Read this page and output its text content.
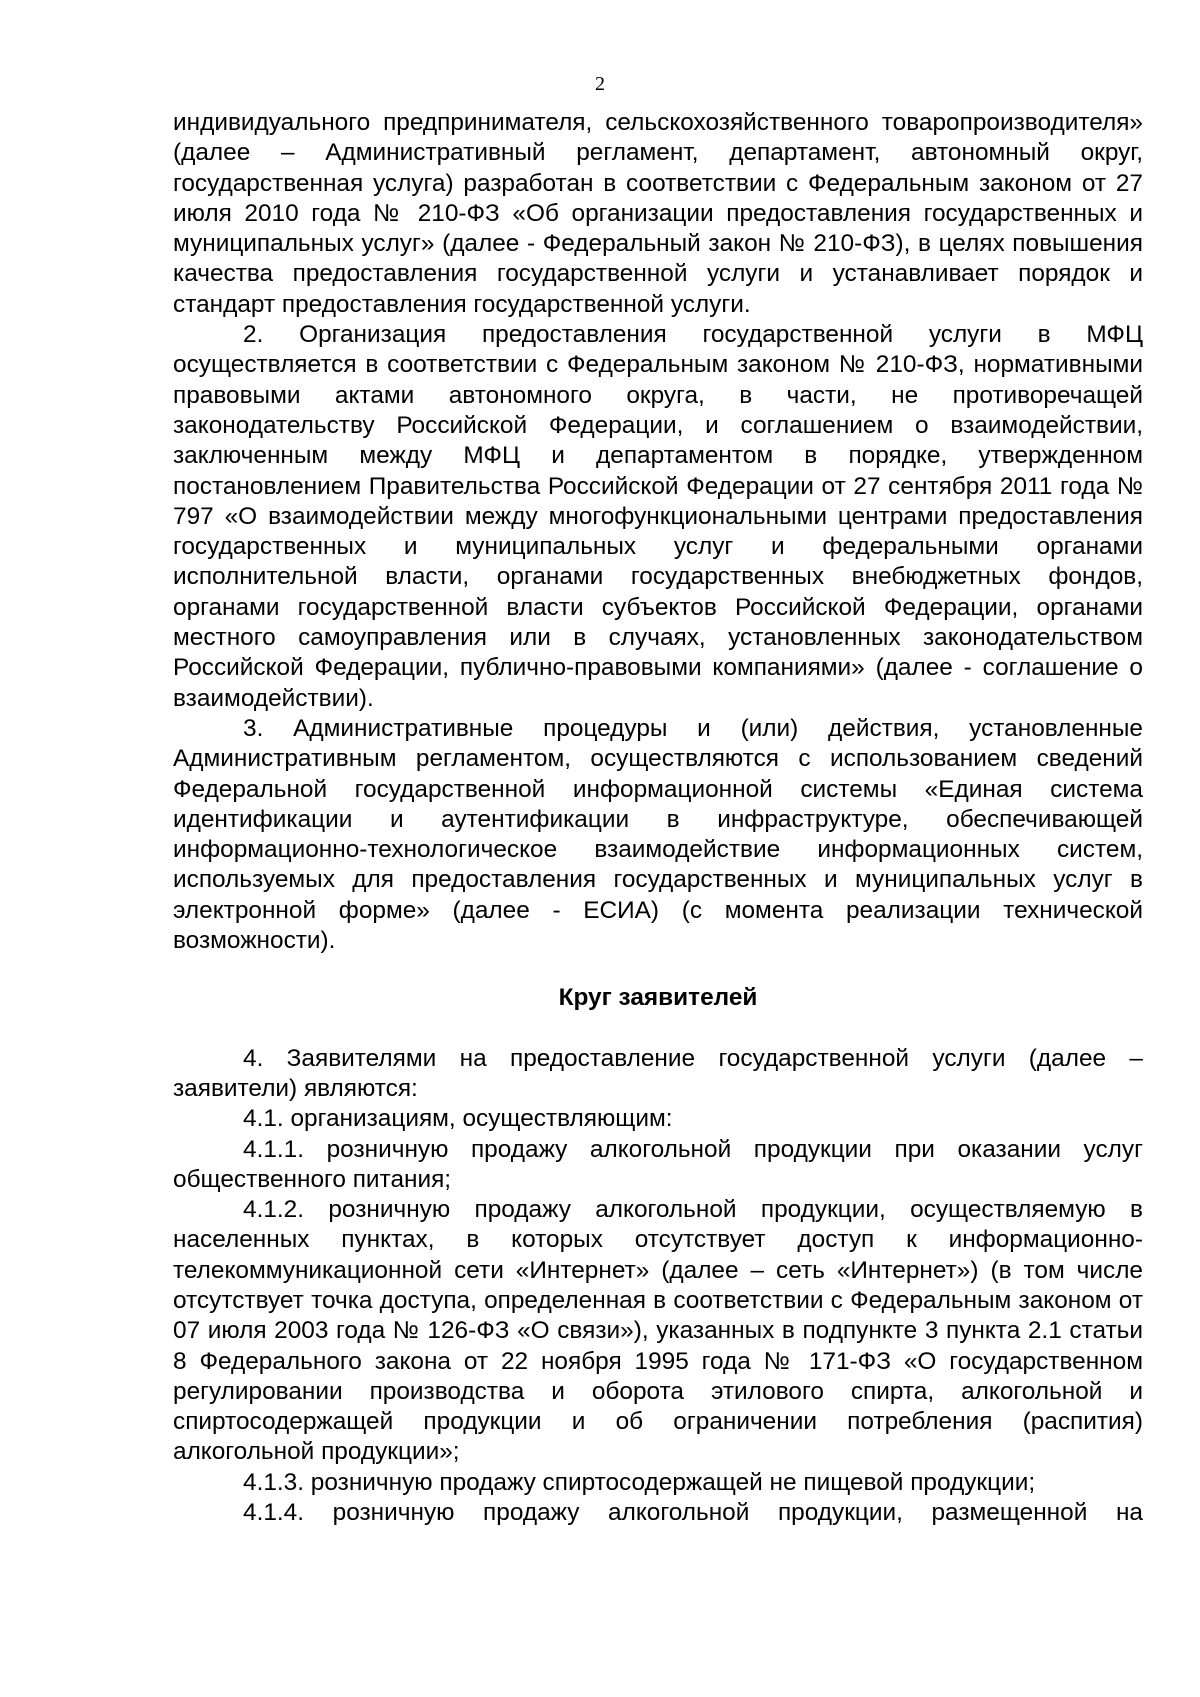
2

индивидуального предпринимателя, сельскохозяйственного товаропроизводителя» (далее – Административный регламент, департамент, автономный округ, государственная услуга) разработан в соответствии с Федеральным законом от 27 июля 2010 года № 210-ФЗ «Об организации предоставления государственных и муниципальных услуг» (далее - Федеральный закон № 210-ФЗ), в целях повышения качества предоставления государственной услуги и устанавливает порядок и стандарт предоставления государственной услуги.

2. Организация предоставления государственной услуги в МФЦ осуществляется в соответствии с Федеральным законом № 210-ФЗ, нормативными правовыми актами автономного округа, в части, не противоречащей законодательству Российской Федерации, и соглашением о взаимодействии, заключенным между МФЦ и департаментом в порядке, утвержденном постановлением Правительства Российской Федерации от 27 сентября 2011 года № 797 «О взаимодействии между многофункциональными центрами предоставления государственных и муниципальных услуг и федеральными органами исполнительной власти, органами государственных внебюджетных фондов, органами государственной власти субъектов Российской Федерации, органами местного самоуправления или в случаях, установленных законодательством Российской Федерации, публично-правовыми компаниями» (далее - соглашение о взаимодействии).

3. Административные процедуры и (или) действия, установленные Административным регламентом, осуществляются с использованием сведений Федеральной государственной информационной системы «Единая система идентификации и аутентификации в инфраструктуре, обеспечивающей информационно-технологическое взаимодействие информационных систем, используемых для предоставления государственных и муниципальных услуг в электронной форме» (далее - ЕСИА) (с момента реализации технической возможности).

Круг заявителей

4. Заявителями на предоставление государственной услуги (далее – заявители) являются:

4.1. организациям, осуществляющим:

4.1.1. розничную продажу алкогольной продукции при оказании услуг общественного питания;

4.1.2. розничную продажу алкогольной продукции, осуществляемую в населенных пунктах, в которых отсутствует доступ к информационно-телекоммуникационной сети «Интернет» (далее – сеть «Интернет») (в том числе отсутствует точка доступа, определенная в соответствии с Федеральным законом от 07 июля 2003 года № 126-ФЗ «О связи»), указанных в подпункте 3 пункта 2.1 статьи 8 Федерального закона от 22 ноября 1995 года № 171-ФЗ «О государственном регулировании производства и оборота этилового спирта, алкогольной и спиртосодержащей продукции и об ограничении потребления (распития) алкогольной продукции»;

4.1.3. розничную продажу спиртосодержащей не пищевой продукции;

4.1.4. розничную продажу алкогольной продукции, размещенной на
